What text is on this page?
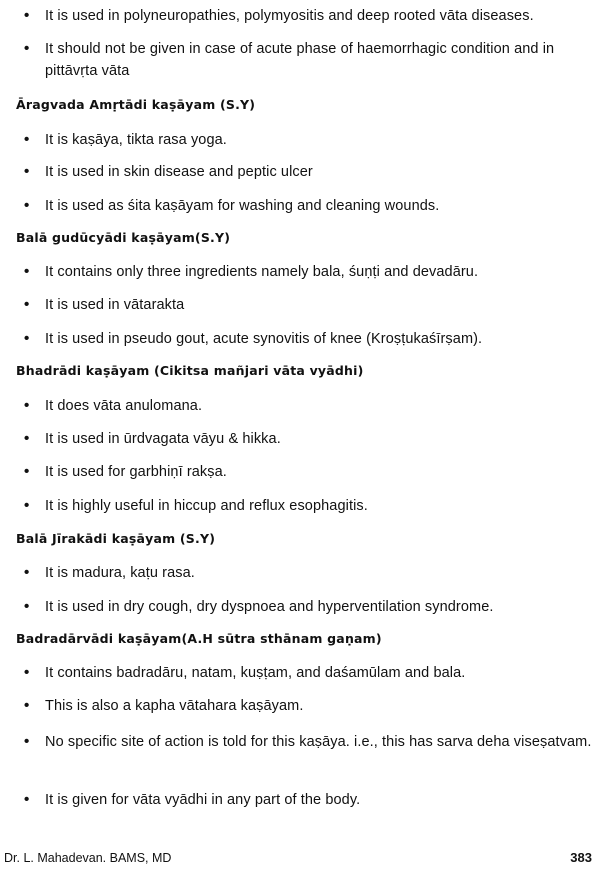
•	It is used in polyneuropathies, polymyositis and deep rooted vāta diseases.
•	It should not be given in case of acute phase of haemorrhagic condition and in pittāvṛta vāta
Āragvada Amṛtādi kaṣāyam (S.Y)
•	It is kaṣāya, tikta rasa yoga.
•	It is used in skin disease and peptic ulcer
•	It is used as śita kaṣāyam for washing and cleaning wounds.
Balā gudūcyādi kaṣāyam(S.Y)
•	It contains only three ingredients namely bala, śuṇṭi and devadāru.
•	It is used in vātarakta
•	It is used in pseudo gout, acute synovitis of knee (Kroṣṭukaśīrṣam).
Bhadrādi kaṣāyam (Cikitsa mañjari vāta vyādhi)
•	It does vāta anulomana.
•	It is used in ūrdvagata vāyu & hikka.
•	It is used for garbhiṇī rakṣa.
•	It is highly useful in hiccup and reflux esophagitis.
Balā Jīrakādi kaṣāyam (S.Y)
•	It is madura, kaṭu rasa.
•	It is used in dry cough, dry dyspnoea and hyperventilation syndrome.
Badradārvādi kaṣāyam(A.H sūtra sthānam gaṇam)
•	It contains badradāru, natam, kuṣṭam, and daśamūlam and bala.
•	This is also a kapha vātahara kaṣāyam.
•	No specific site of action is told for this kaṣāya. i.e., this has sarva deha viseṣatvam.
•	It is given for vāta vyādhi in any part of the body.
Dr. L. Mahadevan. BAMS, MD	383
